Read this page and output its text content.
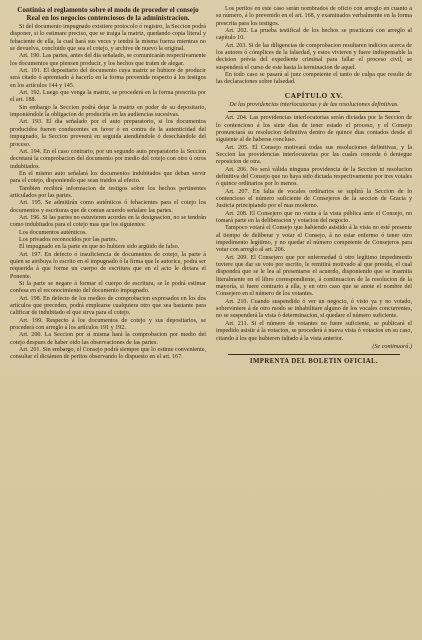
Continúa el reglamento sobre el modo de proceder el consejo Real en los negocios contenciosos de la administracion.

Si del documento impugnado existiere protocolo ó registro, la Seccion podrá disponer, si lo estimare preciso, que se traiga la matriz, quedando copia literal y fehaciente de ella, la cual hará sus veces y tendrá la misma fuerza mientras no se devuelva, concluido que sea el cotejo, y archive de nuevo la original.

Art. 190. Las partes, antes del dia señalado, se comunicarán respectivamente los documentos que piensen producir, y los hechos que traten de alegar.

Art. 191. El depositario del documento cuya matriz se hubiere de producir será citado ó apremiado á hacerlo en la forma prevenida respecto á los testigos en los artículos 144 y 145.

Art. 192. Luego que venga la matriz, se procederá en la forma prescrita por el art. 188.

Sin embargo la Seccion podrá dejar la matriz en poder de su depositario, imponiéndole la obligacion de producirla en las audiencias sucesivas.

Art. 193. El dia señalado por el auto preparatorio, si los documentos producidos fueren conducentes en favor ó en contra de la autenticidad del impugnado, la Seccion proveerá en seguida atendiéndole ó desechándole del proceso.

Art. 194. En el caso contrario, por un segundo auto preparatorio la Seccion decretará la comprobacion del documento por medio del cotejo con otro ú otros indubitados.

En el mismo auto señalará los documentos indubitados que deban servir para el cotejo, disponiendo que sean traidos al efecto.

Tambien recibirá informacion de testigos sobre los hechos pertinentes articulados por las partes.

Art. 195. Se admitirán como auténticos ó fehacientes para el cotejo los documentos y escrituras que de comun acuerdo señalare las partes.

Art. 196. Si las partes no estuvieren acordes en la designacion, no se tendrán como indubitados para el cotejo mas que los siguientes:

Los documentos auténticos.

Los privados reconocidos por las partes.

El impugnado en la parte en que no hubiere sido argüido de falso.

Art. 197. En defecto ó insuficiencia de documentos de cotejo, la parte á quien se atribuya lo escrito en el impugnado ó la firma que le autorice, podrá ser requerida á que forme un cuerpo de escritura que en el acto le dictara el Ponente.

Si la parte se negare á formar el cuerpo de escritura, se le podrá estimar confesa en el reconocimiento del documento impugnado.

Art. 198. En defecto de los medios de comprobacion expresados en los dos artículos que preceden, podrá emplearse cualquiera otro que sea bastante para calificar de indubitado el que sirva para el cotejo.

Art. 199. Respecto á los documentos de cotejo y sus depositarios, se procederá con arreglo á los artículos 191 y 192.

Art. 200. La Seccion por sí misma hará la comprobacion por medio del cotejo despues de haber oido las observaciones de las partes.

Art. 201. Sin embargo, el Consejo podrá siempre que lo estime conveniente, consultar el dictámen de peritos observando lo dispuesto en el art. 167.

Los peritos en este caso serán nombrados de oficio con arreglo en cuanto á su número, á lo prevenido en el art. 168, y examinados verbalmente en la forma prescrita para los testigos.

Art. 202. La prueba testifical de los hechos se practicará con arreglo al capítulo 10.

Art. 203. Si de las diligencias de comprobacion resultaren indicios acerca de los autores ó cómplices de la falsedad, y estos vivieren y fuere indispensable la decision prévia del expediente criminal para fallar el proceso civil, se suspenderá el curso de este hasta la terminacion de aquel.

En todo caso se pasará al juez competente el tanto de culpa que resulte de las declaraciones sobre falsedad.

CAPÍTULO XV.
De las providencias interlocutorias y de las resoluciones definitivas.

Art. 204. Las providencias interlocutorias serán dictadas por la Seccion de lo contencioso á los siete dias de tener estado el proceso, y el Consejo pronunciará su resolucion definitiva dentro de quince dias contados desde el siguiente al de haberse concluso.

Art. 205. El Consejo motivará todas sus resoluciones definitivas, y la Seccion las providencias interlocutorias por las cuales conceda ó deniegue reposicion de otra.

Art. 206. No será válida ninguna providencia de la Seccion ni resolucion definitiva del Consejo que no haya sido dictada respectivamente por tres votales ó quince ordinarios por lo menos.

Art. 207. En falta de vocales ordinarios se suplirá la Seccion de lo contencioso el número suficiente de Consejeros de la seccion de Gracia y Justicia principiando por el mas moderno.

Art. 208. El Consejero que no visita á la vista pública ante el Consejo, no tomará parte en la deliberacion y votacion del negocio.

Tampoco votará el Consejo que habiendo asistido á la vista no esté presente al tiempo de deliberar y votar el Consejo, á no estar enfermo ó tener otro impedimento legítimo, y no quedar el número competente de Consejeros para votar con arreglo al art. 206.

Art. 209. El Consejero que por enfermedad ú otro legítimo impedimento tuviere que dar su voto por escrito, le remitirá motivado al que presida, el cual dispondrá que se le lea al presentarse el acuerdo, disponiendo que se trasmita literalmente en el libro correspondiente, á continuacion de la resolucion de la mayoría, si fuere contrario á ella, y en otro caso que se anote el nombre del Consejero en el número de los votantes.

Art. 210. Cuando suspendido ó ver un negocio, ó visto ya y no votado, sobreviniere á de otro modo se inhabilitare alguno de los vocales concurrentes, no se suspenderá la vista ó determinacion, si quedare el número suficiente.

Art. 211. Si el número de votantes no fuere suficiente, se publicará el impedido asistir á la votacion, se procederá á nueva vista ó votacion en su caso, citando á los que hubieren faltado á la vista anterior.

(Se continuará.)
IMPRENTA DEL BOLETIN OFICIAL.
